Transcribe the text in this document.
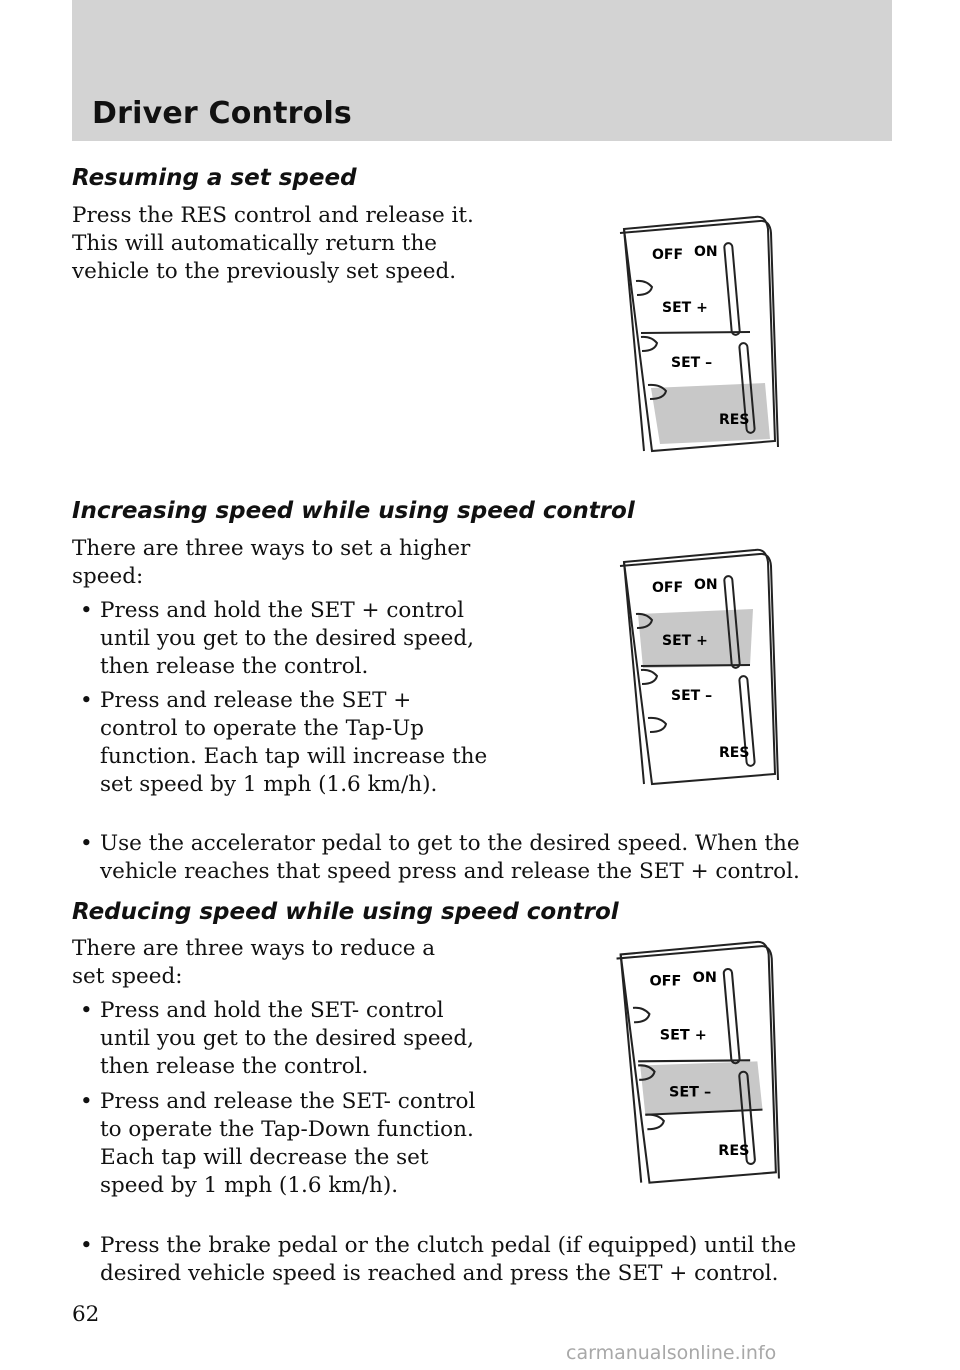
Driver Controls
Resuming a set speed
Press the RES control and release it. This will automatically return the vehicle to the previously set speed.
OFF ON
SET +
SET –
RES
Increasing speed while using speed control
There are three ways to set a higher speed:
• Press and hold the SET + control until you get to the desired speed, then release the control.
• Press and release the SET + control to operate the Tap-Up function. Each tap will increase the set speed by 1 mph (1.6 km/h).
• Use the accelerator pedal to get to the desired speed. When the vehicle reaches that speed press and release the SET + control.
OFF ON
SET +
SET –
RES
Reducing speed while using speed control
There are three ways to reduce a set speed:
• Press and hold the SET- control until you get to the desired speed, then release the control.
• Press and release the SET- control to operate the Tap-Down function. Each tap will decrease the set speed by 1 mph (1.6 km/h).
• Press the brake pedal or the clutch pedal (if equipped) until the desired vehicle speed is reached and press the SET + control.
OFF ON
SET +
SET –
RES
62
carmanualsonline.info
